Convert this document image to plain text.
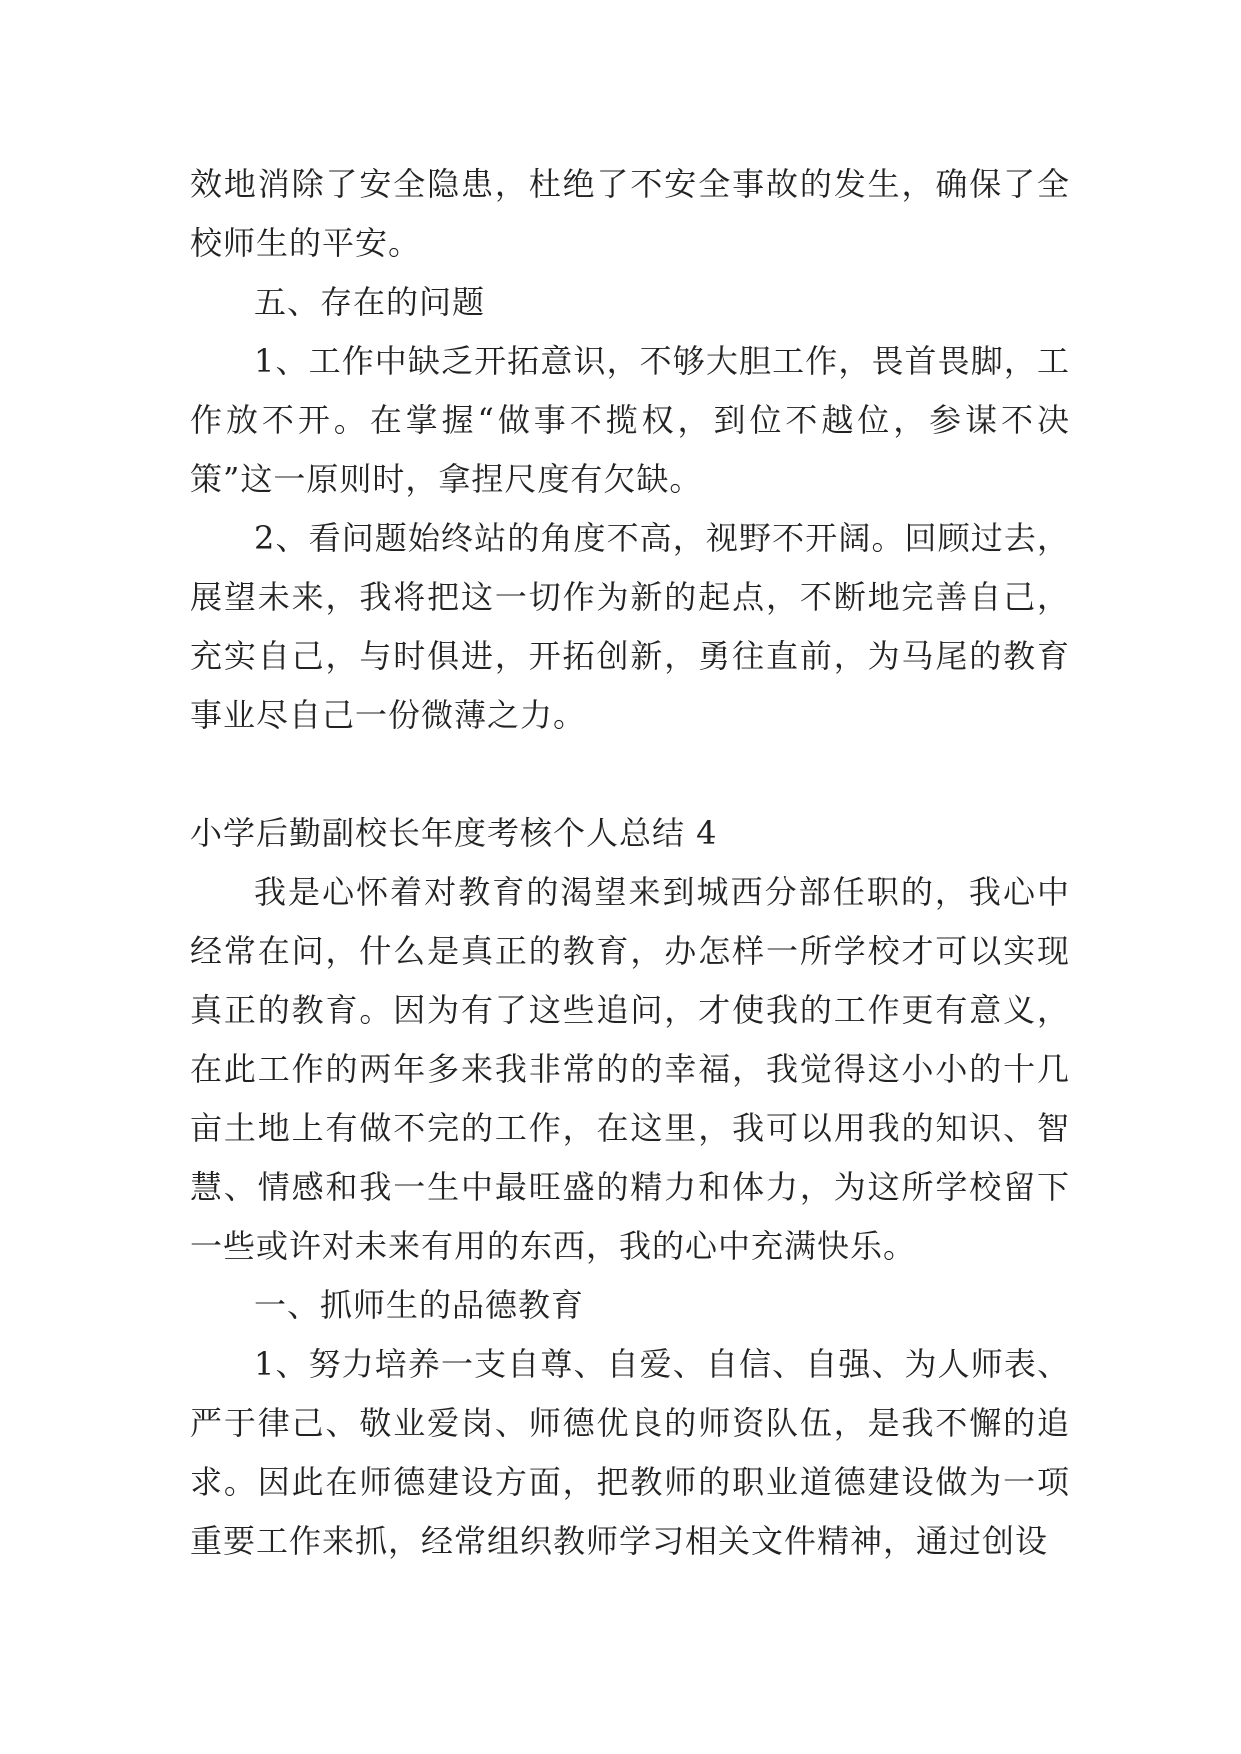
效地消除了安全隐患，杜绝了不安全事故的发生，确保了全校师生的平安。

五、存在的问题

1、工作中缺乏开拓意识，不够大胆工作，畏首畏脚，工作放不开。在掌握“做事不揽权，到位不越位，参谋不决策”这一原则时，拿捏尺度有欠缺。

2、看问题始终站的角度不高，视野不开阔。回顾过去，展望未来，我将把这一切作为新的起点，不断地完善自己，充实自己，与时俱进，开拓创新，勇往直前，为马尾的教育事业尽自己一份微薄之力。

小学后勤副校长年度考核个人总结 4

我是心怀着对教育的渴望来到城西分部任职的，我心中经常在问，什么是真正的教育，办怎样一所学校才可以实现真正的教育。因为有了这些追问，才使我的工作更有意义，在此工作的两年多来我非常的的幸福，我觉得这小小的十几亩土地上有做不完的工作，在这里，我可以用我的知识、智慧、情感和我一生中最旺盛的精力和体力，为这所学校留下一些或许对未来有用的东西，我的心中充满快乐。

一、抓师生的品德教育

1、努力培养一支自尊、自爱、自信、自强、为人师表、严于律己、敬业爱岗、师德优良的师资队伍，是我不懈的追求。因此在师德建设方面，把教师的职业道德建设做为一项重要工作来抓，经常组织教师学习相关文件精神，通过创设
